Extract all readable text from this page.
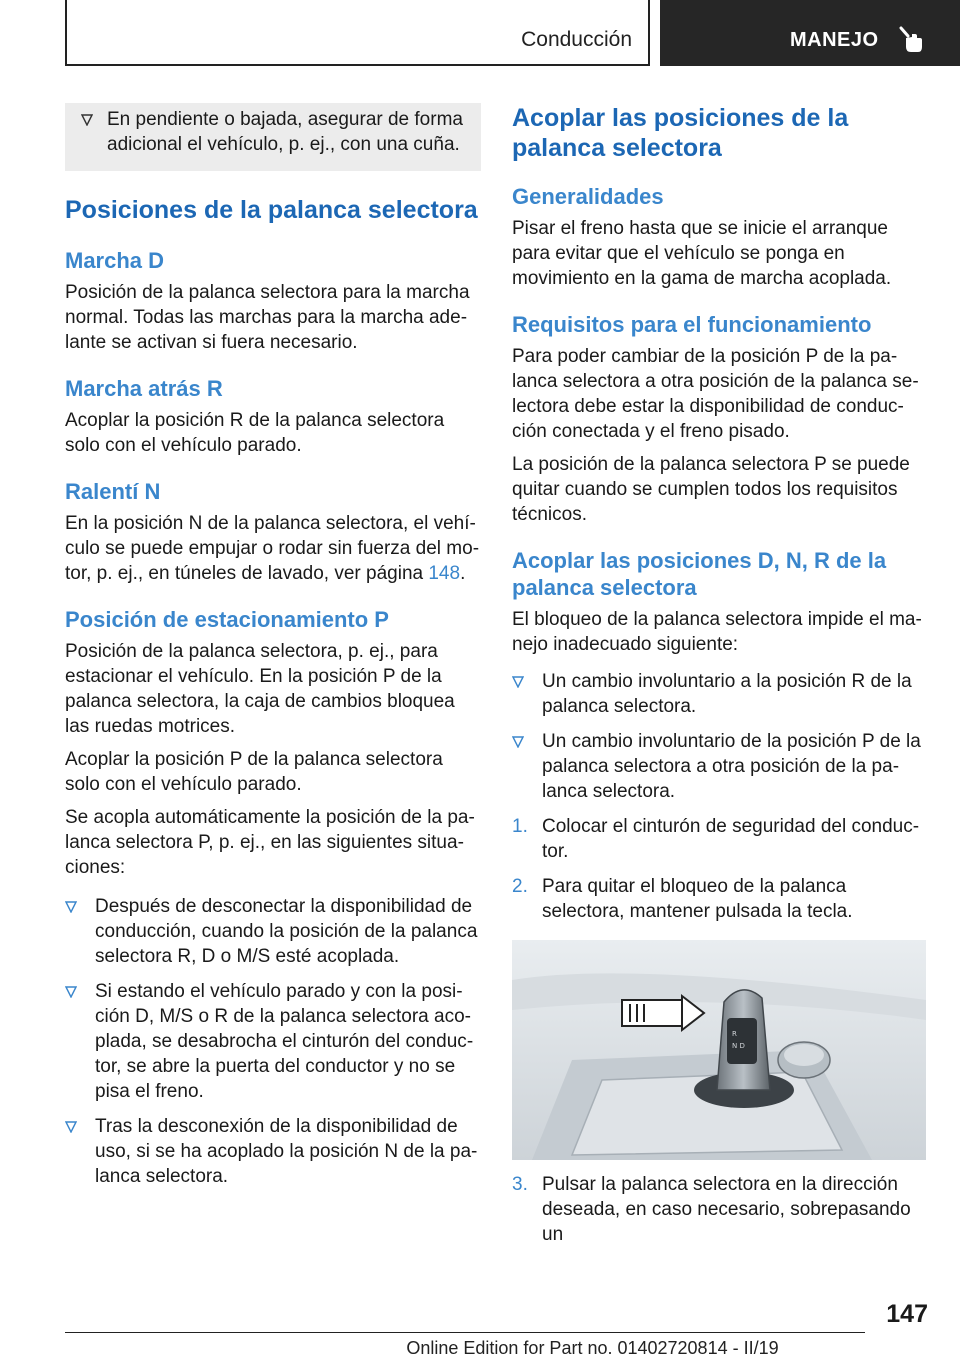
Conducción	MANEJO
En pendiente o bajada, asegurar de forma adicional el vehículo, p. ej., con una cuña.
Posiciones de la palanca selectora
Marcha D

Posición de la palanca selectora para la marcha normal. Todas las marchas para la marcha adelante se activan si fuera necesario.

Marcha atrás R

Acoplar la posición R de la palanca selectora solo con el vehículo parado.

Ralentí N

En la posición N de la palanca selectora, el vehículo se puede empujar o rodar sin fuerza del motor, p. ej., en túneles de lavado, ver página 148.

Posición de estacionamiento P

Posición de la palanca selectora, p. ej., para estacionar el vehículo. En la posición P de la palanca selectora, la caja de cambios bloquea las ruedas motrices.

Acoplar la posición P de la palanca selectora solo con el vehículo parado.

Se acopla automáticamente la posición de la palanca selectora P, p. ej., en las siguientes situaciones:

Después de desconectar la disponibilidad de conducción, cuando la posición de la palanca selectora R, D o M/S esté acoplada.
Si estando el vehículo parado y con la posición D, M/S o R de la palanca selectora acoplada, se desabrocha el cinturón del conductor, se abre la puerta del conductor y no se pisa el freno.
Tras la desconexión de la disponibilidad de uso, si se ha acoplado la posición N de la palanca selectora.
Acoplar las posiciones de la palanca selectora
Generalidades

Pisar el freno hasta que se inicie el arranque para evitar que el vehículo se ponga en movimiento en la gama de marcha acoplada.

Requisitos para el funcionamiento

Para poder cambiar de la posición P de la palanca selectora a otra posición de la palanca selectora debe estar la disponibilidad de conducción conectada y el freno pisado.

La posición de la palanca selectora P se puede quitar cuando se cumplen todos los requisitos técnicos.

Acoplar las posiciones D, N, R de la palanca selectora

El bloqueo de la palanca selectora impide el manejo inadecuado siguiente:

Un cambio involuntario a la posición R de la palanca selectora.
Un cambio involuntario de la posición P de la palanca selectora a otra posición de la palanca selectora.
1. Colocar el cinturón de seguridad del conductor.
2. Para quitar el bloqueo de la palanca selectora, mantener pulsada la tecla.
R
N D
3. Pulsar la palanca selectora en la dirección deseada, en caso necesario, sobrepasando un
147
Online Edition for Part no. 01402720814 - II/19
